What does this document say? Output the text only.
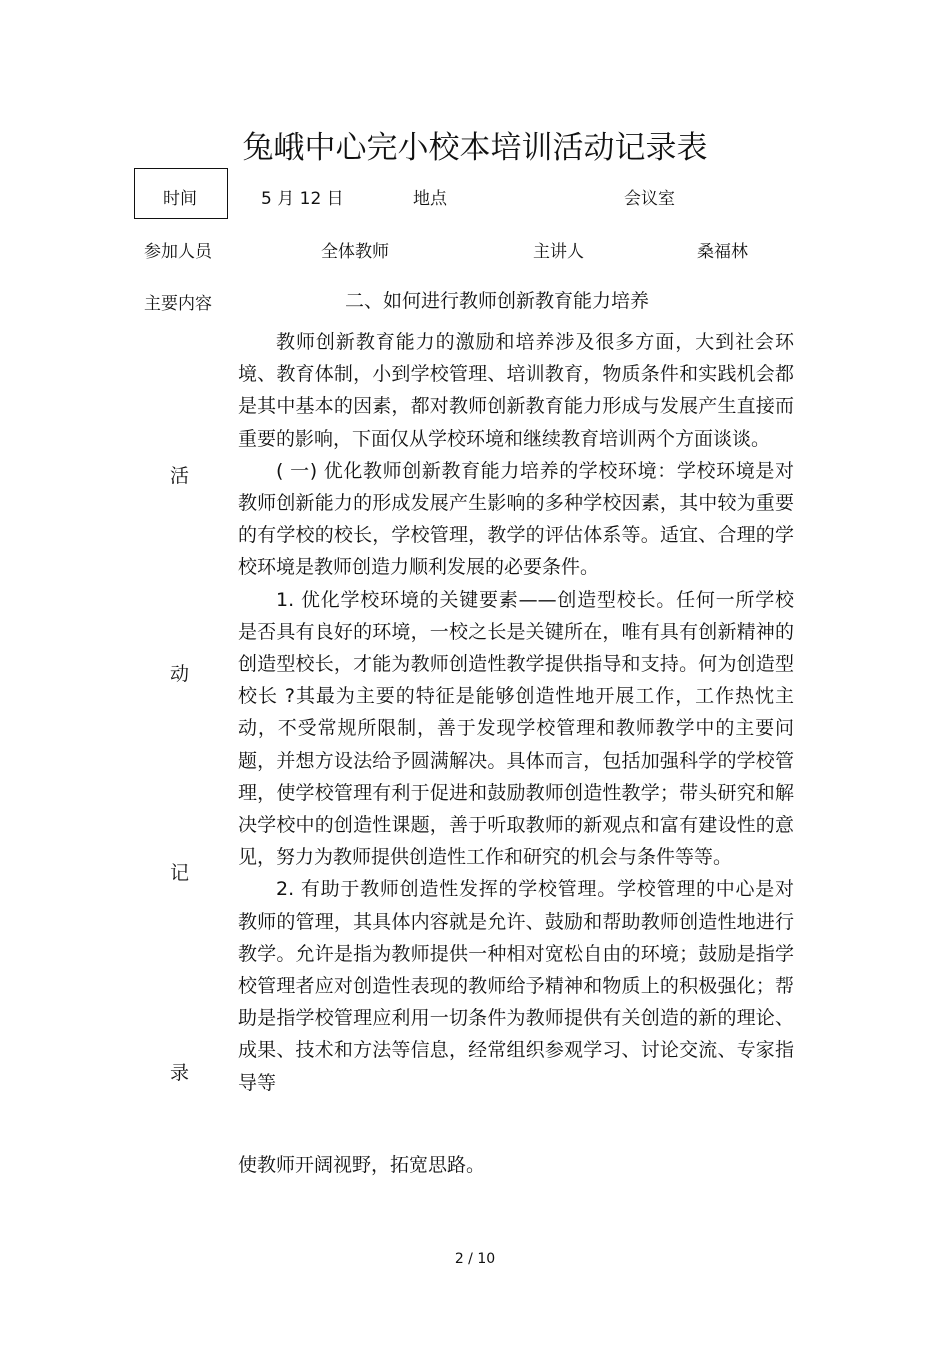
兔峨中心完小校本培训活动记录表
时间	5 月 12 日	地点	会议室
参加人员	全体教师	主讲人	桑福林
主要内容	二、如何进行教师创新教育能力培养
活
动
记
录

教师创新教育能力的激励和培养涉及很多方面，大到社会环境、教育体制，小到学校管理、培训教育，物质条件和实践机会都是其中基本的因素，都对教师创新教育能力形成与发展产生直接而重要的影响，下面仅从学校环境和继续教育培训两个方面谈谈。

( 一) 优化教师创新教育能力培养的学校环境：学校环境是对教师创新能力的形成发展产生影响的多种学校因素，其中较为重要的有学校的校长，学校管理，教学的评估体系等。适宜、合理的学校环境是教师创造力顺利发展的必要条件。

1. 优化学校环境的关键要素——创造型校长。任何一所学校是否具有良好的环境，一校之长是关键所在，唯有具有创新精神的创造型校长，才能为教师创造性教学提供指导和支持。何为创造型校长 ?其最为主要的特征是能够创造性地开展工作，工作热忱主动，不受常规所限制，善于发现学校管理和教师教学中的主要问题，并想方设法给予圆满解决。具体而言，包括加强科学的学校管理，使学校管理有利于促进和鼓励教师创造性教学；带头研究和解决学校中的创造性课题，善于听取教师的新观点和富有建设性的意见，努力为教师提供创造性工作和研究的机会与条件等等。

2. 有助于教师创造性发挥的学校管理。学校管理的中心是对教师的管理，其具体内容就是允许、鼓励和帮助教师创造性地进行教学。允许是指为教师提供一种相对宽松自由的环境；鼓励是指学校管理者应对创造性表现的教师给予精神和物质上的积极强化；帮助是指学校管理应利用一切条件为教师提供有关创造的新的理论、成果、技术和方法等信息，经常组织参观学习、讨论交流、专家指导等

使教师开阔视野，拓宽思路。
2 / 10
